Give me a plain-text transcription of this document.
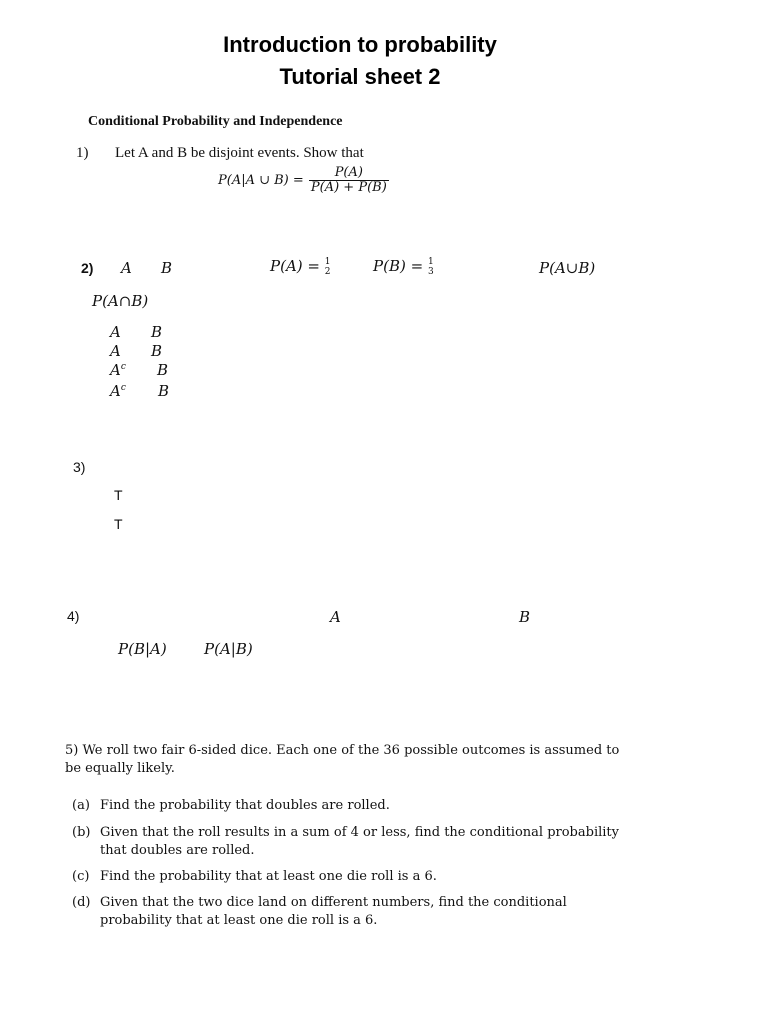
Introduction to probability
Tutorial sheet 2
Conditional Probability and Independence
1) Let A and B be disjoint events. Show that
P(A|A ∪ $B) = \frac{P(A)}{P(A) + P(B)}$
2) A B	P(A) = 1
2	P(B) = 1
3	P(A∪B)
P(A∩B)
A B
A B
$A^c$ B
$A^c$ B
3)
T
T
4)	A	B
P(B|A) P(A|B)
5) We roll two fair 6-sided dice. Each one of the 36 possible outcomes is assumed to be equally likely.
(a) Find the probability that doubles are rolled.
(b) Given that the roll results in a sum of 4 or less, find the conditional probability that doubles are rolled.
(c) Find the probability that at least one die roll is a 6.
(d) Given that the two dice land on different numbers, find the conditional probability that at least one die roll is a 6.
